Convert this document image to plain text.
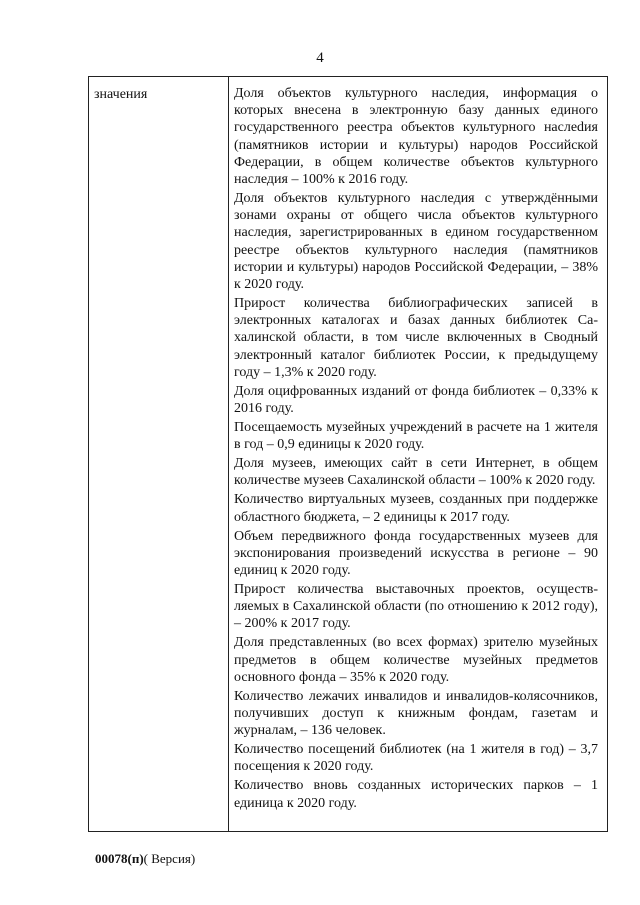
4
значения	Доля объектов культурного наследия, информация о которых внесена в электронную базу данных единого государственного реестра объектов культурного наслеdия (памятников истории и культуры) народов Российской Федерации, в общем количестве объектов культурного наследия – 100% к 2016 году.

Доля объектов культурного наследия с утверждёнными зонами охраны от общего числа объектов культурного наследия, зарегистрированных в едином государственном реестре объектов культурного наследия (памятников истории и культуры) народов Российской Федерации, – 38% к 2020 году.

Прирост количества библиографических записей в электронных каталогах и базах данных библиотек Сахалинской области, в том числе включенных в Сводный электронный каталог библиотек России, к предыдущему году – 1,3% к 2020 году.

Доля оцифрованных изданий от фонда библиотек – 0,33% к 2016 году.

Посещаемость музейных учреждений в расчете на 1 жителя в год – 0,9 единицы к 2020 году.

Доля музеев, имеющих сайт в сети Интернет, в общем количестве музеев Сахалинской области – 100% к 2020 году.

Количество виртуальных музеев, созданных при поддержке областного бюджета, – 2 единицы к 2017 году.

Объем передвижного фонда государственных музеев для экспонирования произведений искусства в регионе – 90 единиц к 2020 году.

Прирост количества выставочных проектов, осуществляемых в Сахалинской области (по отношению к 2012 году), – 200% к 2017 году.

Доля представленных (во всех формах) зрителю музейных предметов в общем количестве музейных предметов основного фонда – 35% к 2020 году.

Количество лежачих инвалидов и инвалидов-колясочников, получивших доступ к книжным фондам, газетам и журналам, – 136 человек.

Количество посещений библиотек (на 1 жителя в год) – 3,7 посещения к 2020 году.

Количество вновь созданных исторических парков – 1 единица к 2020 году.

00078(п)( Версия)
